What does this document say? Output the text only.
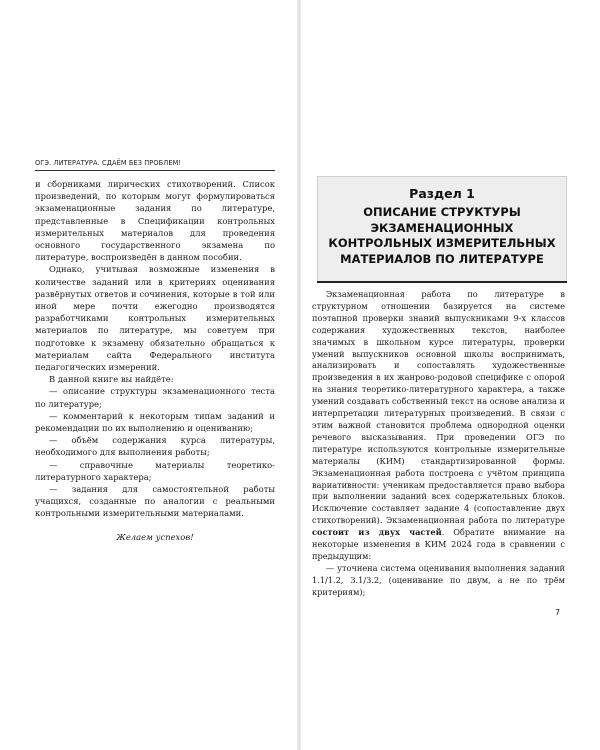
ОГЭ. ЛИТЕРАТУРА. СДАЁМ БЕЗ ПРОБЛЕМ!

и сборниками лирических стихотворений. Список произведений, по которым могут формулироваться экзаменационные задания по литературе, представленные в Спецификации контрольных измерительных материалов для проведения основного государственного экзамена по литературе, воспроизведён в данном пособии.

Однако, учитывая возможные изменения в количестве заданий или в критериях оценивания развёрнутых ответов и сочинения, которые в той или иной мере почти ежегодно производятся разработчиками контрольных измерительных материалов по литературе, мы советуем при подготовке к экзамену обязательно обращаться к материалам сайта Федерального института педагогических измерений.

В данной книге вы найдёте:

— описание структуры экзаменационного теста по литературе;

— комментарий к некоторым типам заданий и рекомендации по их выполнению и оцениванию;

— объём содержания курса литературы, необходимого для выполнения работы;

— справочные материалы теоретико-литературного характера;

— задания для самостоятельной работы учащихся, созданные по аналогии с реальными контрольными измерительными материалами.

Желаем успехов!

Раздел 1
ОПИСАНИЕ СТРУКТУРЫ ЭКЗАМЕНАЦИОННЫХ КОНТРОЛЬНЫХ ИЗМЕРИТЕЛЬНЫХ МАТЕРИАЛОВ ПО ЛИТЕРАТУРЕ

Экзаменационная работа по литературе в структурном отношении базируется на системе поэтапной проверки знаний выпускниками 9-х классов содержания художественных текстов, наиболее значимых в школьном курсе литературы, проверки умений выпускников основной школы воспринимать, анализировать и сопоставлять художественные произведения в их жанрово-родовой специфике с опорой на знания теоретико-литературного характера, а также умений создавать собственный текст на основе анализа и интерпретации литературных произведений. В связи с этим важной становится проблема однородной оценки речевого высказывания. При проведении ОГЭ по литературе используются контрольные измерительные материалы (КИМ) стандартизированной формы. Экзаменационная работа построена с учётом принципа вариативности: ученикам предоставляется право выбора при выполнении заданий всех содержательных блоков. Исключение составляет задание 4 (сопоставление двух стихотворений). Экзаменационная работа по литературе состоит из двух частей. Обратите внимание на некоторые изменения в КИМ 2024 года в сравнении с предыдущим:

— уточнена система оценивания выполнения заданий 1.1/1.2, 3.1/3.2, (оценивание по двум, а не по трём критериям);

7
